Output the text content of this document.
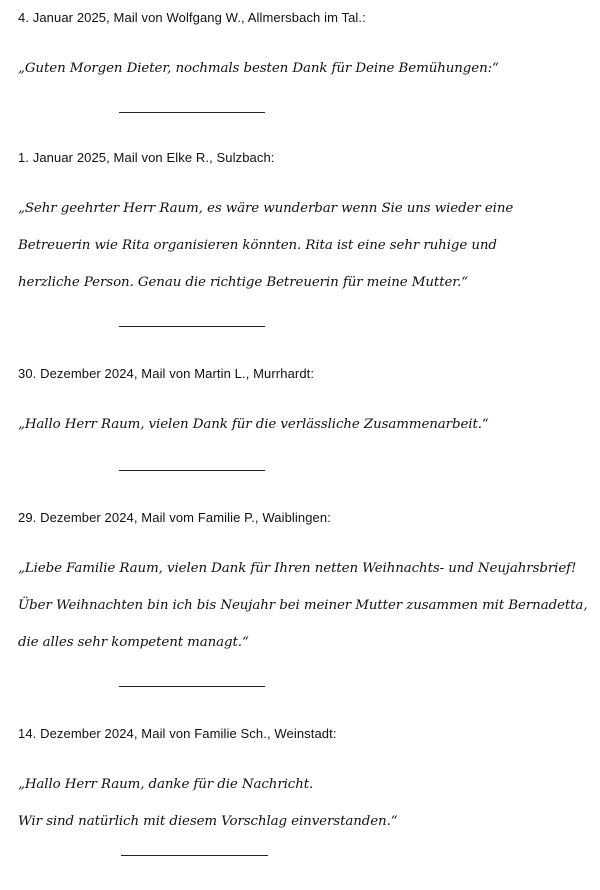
4. Januar 2025, Mail von Wolfgang W., Allmersbach im Tal.:
„Guten Morgen Dieter, nochmals besten Dank für Deine Bemühungen:“
1. Januar 2025, Mail von Elke R., Sulzbach:
„Sehr geehrter Herr Raum, es wäre wunderbar wenn Sie uns wieder eine
Betreuerin wie Rita organisieren könnten. Rita ist eine sehr ruhige und
herzliche Person. Genau die richtige Betreuerin für meine Mutter.“
30. Dezember 2024, Mail von Martin L., Murrhardt:
„Hallo Herr Raum, vielen Dank für die verlässliche Zusammenarbeit.“
29. Dezember 2024, Mail vom Familie P., Waiblingen:
„Liebe Familie Raum, vielen Dank für Ihren netten Weihnachts- und Neujahrsbrief!
Über Weihnachten bin ich bis Neujahr bei meiner Mutter zusammen mit Bernadetta,
die alles sehr kompetent managt.“
14. Dezember 2024, Mail von Familie Sch., Weinstadt:
„Hallo Herr Raum, danke für die Nachricht.
Wir sind natürlich mit diesem Vorschlag einverstanden.“
